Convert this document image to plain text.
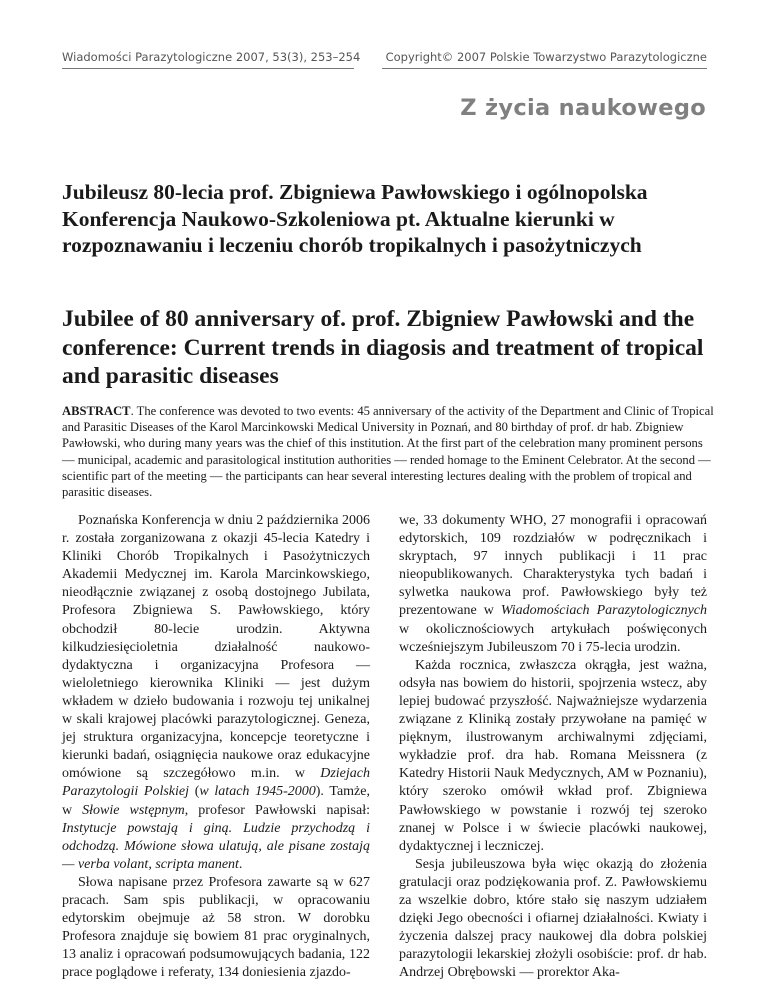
Wiadomości Parazytologiczne 2007, 53(3), 253–254	Copyright© 2007 Polskie Towarzystwo Parazytologiczne
Z życia naukowego
Jubileusz 80-lecia prof. Zbigniewa Pawłowskiego i ogólnopolska Konferencja Naukowo-Szkoleniowa pt. Aktualne kierunki w rozpoznawaniu i leczeniu chorób tropikalnych i pasożytniczych
Jubilee of 80 anniversary of. prof. Zbigniew Pawłowski and the conference: Current trends in diagosis and treatment of tropical and parasitic diseases

ABSTRACT. The conference was devoted to two events: 45 anniversary of the activity of the Department and Clinic of Tropical and Parasitic Diseases of the Karol Marcinkowski Medical University in Poznań, and 80 birthday of prof. dr hab. Zbigniew Pawłowski, who during many years was the chief of this institution. At the first part of the celebration many prominent persons — municipal, academic and parasitological institution authorities — rended homage to the Eminent Celebrator. At the second — scientific part of the meeting — the participants can hear several interesting lectures dealing with the problem of tropical and parasitic diseases.

Poznańska Konferencja w dniu 2 października 2006 r. została zorganizowana z okazji 45-lecia Katedry i Kliniki Chorób Tropikalnych i Pasożytniczych Akademii Medycznej im. Karola Marcinkowskiego, nieodłącznie związanej z osobą dostojnego Jubilata, Profesora Zbigniewa S. Pawłowskiego, który obchodził 80-lecie urodzin. Aktywna kilkudziesięcioletnia działalność naukowo-dydaktyczna i organizacyjna Profesora — wieloletniego kierownika Kliniki — jest dużym wkładem w dzieło budowania i rozwoju tej unikalnej w skali krajowej placówki parazytologicznej. Geneza, jej struktura organizacyjna, koncepcje teoretyczne i kierunki badań, osiągnięcia naukowe oraz edukacyjne omówione są szczegółowo m.in. w Dziejach Parazytologii Polskiej (w latach 1945-2000). Tamże, w Słowie wstępnym, profesor Pawłowski napisał: Instytucje powstają i giną. Ludzie przychodzą i odchodzą. Mówione słowa ulatują, ale pisane zostają — verba volant, scripta manent.

Słowa napisane przez Profesora zawarte są w 627 pracach. Sam spis publikacji, w opracowaniu edytorskim obejmuje aż 58 stron. W dorobku Profesora znajduje się bowiem 81 prac oryginalnych, 13 analiz i opracowań podsumowujących badania, 122 prace poglądowe i referaty, 134 doniesienia zjazdo-

we, 33 dokumenty WHO, 27 monografii i opracowań edytorskich, 109 rozdziałów w podręcznikach i skryptach, 97 innych publikacji i 11 prac nieopublikowanych. Charakterystyka tych badań i sylwetka naukowa prof. Pawłowskiego były też prezentowane w Wiadomościach Parazytologicznych w okolicznościowych artykułach poświęconych wcześniejszym Jubileuszom 70 i 75-lecia urodzin.

Każda rocznica, zwłaszcza okrągła, jest ważna, odsyła nas bowiem do historii, spojrzenia wstecz, aby lepiej budować przyszłość. Najważniejsze wydarzenia związane z Kliniką zostały przywołane na pamięć w pięknym, ilustrowanym archiwalnymi zdjęciami, wykładzie prof. dra hab. Romana Meissnera (z Katedry Historii Nauk Medycznych, AM w Poznaniu), który szeroko omówił wkład prof. Zbigniewa Pawłowskiego w powstanie i rozwój tej szeroko znanej w Polsce i w świecie placówki naukowej, dydaktycznej i leczniczej.

Sesja jubileuszowa była więc okazją do złożenia gratulacji oraz podziękowania prof. Z. Pawłowskiemu za wszelkie dobro, które stało się naszym udziałem dzięki Jego obecności i ofiarnej działalności. Kwiaty i życzenia dalszej pracy naukowej dla dobra polskiej parazytologii lekarskiej złożyli osobiście: prof. dr hab. Andrzej Obrębowski — prorektor Aka-
